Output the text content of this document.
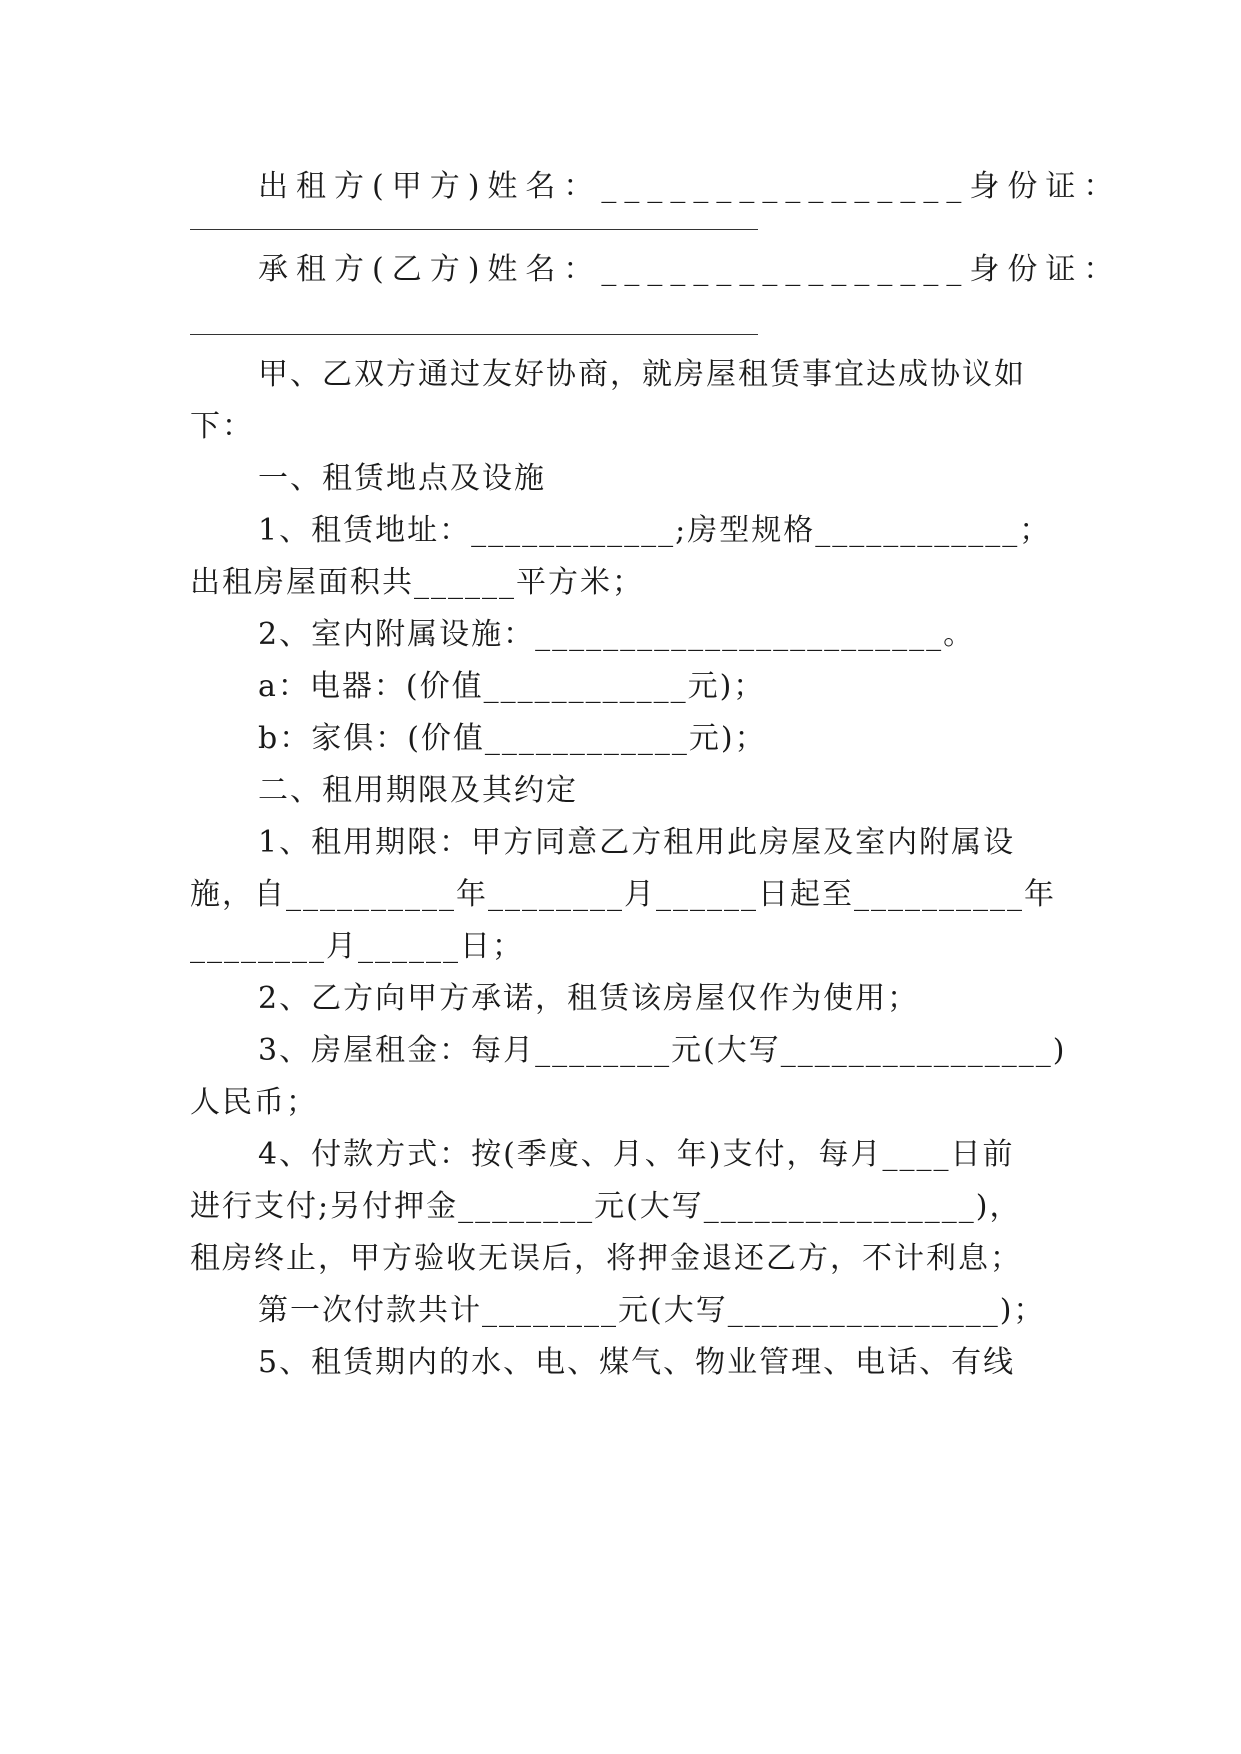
出租方(甲方)姓名：________________身份证：
承租方(乙方)姓名：________________身份证：
甲、乙双方通过友好协商，就房屋租赁事宜达成协议如
下：
一、租赁地点及设施
1、租赁地址：____________;房型规格____________；
出租房屋面积共______平方米；
2、室内附属设施：________________________。
a：电器：(价值____________元)；
b：家俱：(价值____________元)；
二、租用期限及其约定
1、租用期限：甲方同意乙方租用此房屋及室内附属设
施，自__________年________月______日起至__________年
________月______日；
2、乙方向甲方承诺，租赁该房屋仅作为使用；
3、房屋租金：每月________元(大写________________)
人民币；
4、付款方式：按(季度、月、年)支付，每月____日前
进行支付;另付押金________元(大写________________)，
租房终止，甲方验收无误后，将押金退还乙方，不计利息；
第一次付款共计________元(大写________________)；
5、租赁期内的水、电、煤气、物业管理、电话、有线
